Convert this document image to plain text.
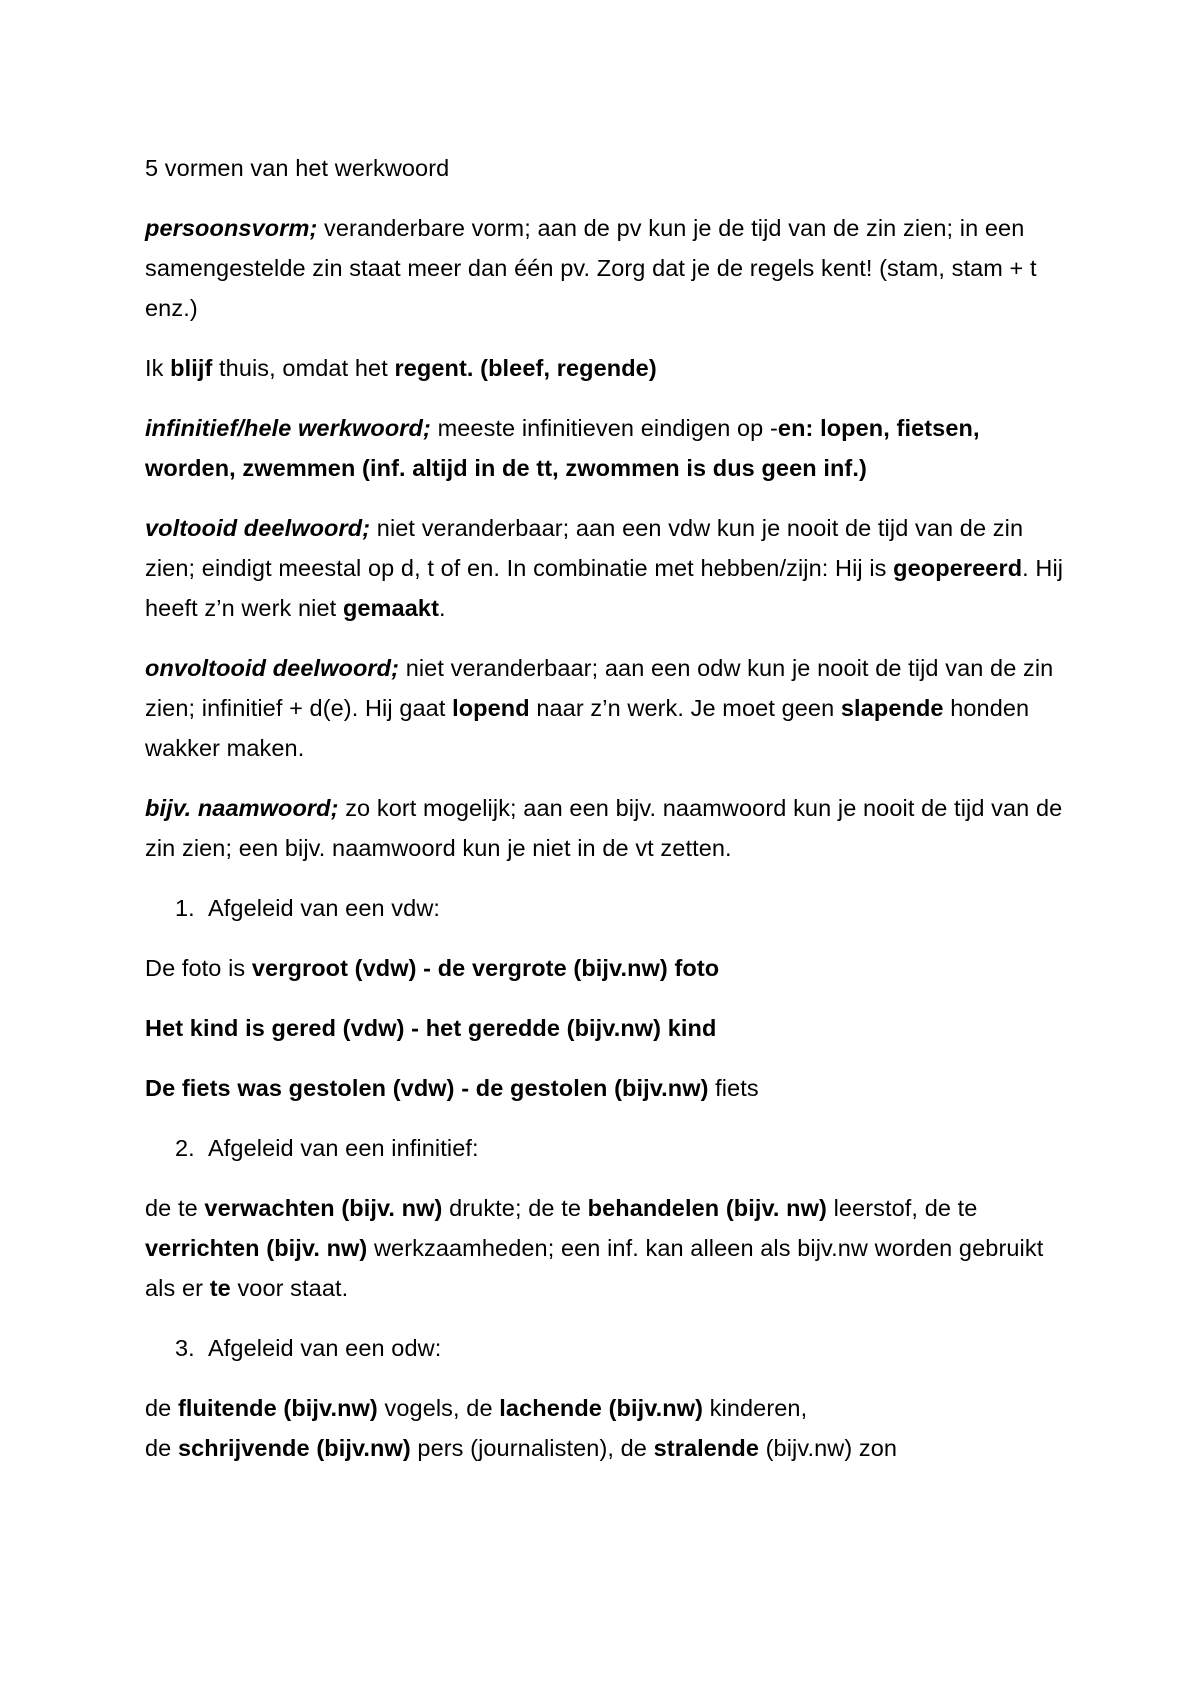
5 vormen van het werkwoord

persoonsvorm; veranderbare vorm; aan de pv kun je de tijd van de zin zien; in een samengestelde zin staat meer dan één pv. Zorg dat je de regels kent! (stam, stam + t enz.)

Ik blijf thuis, omdat het regent. (bleef, regende)

infinitief/hele werkwoord; meeste infinitieven eindigen op -en: lopen, fietsen, worden, zwemmen (inf. altijd in de tt, zwommen is dus geen inf.)

voltooid deelwoord; niet veranderbaar; aan een vdw kun je nooit de tijd van de zin zien; eindigt meestal op d, t of en. In combinatie met hebben/zijn: Hij is geopereerd. Hij heeft z’n werk niet gemaakt.

onvoltooid deelwoord; niet veranderbaar; aan een odw kun je nooit de tijd van de zin zien; infinitief + d(e). Hij gaat lopend naar z’n werk. Je moet geen slapende honden wakker maken.

bijv. naamwoord; zo kort mogelijk; aan een bijv. naamwoord kun je nooit de tijd van de zin zien; een bijv. naamwoord kun je niet in de vt zetten.

1. Afgeleid van een vdw:

De foto is vergroot (vdw) - de vergrote (bijv.nw) foto

Het kind is gered (vdw) - het geredde (bijv.nw) kind

De fiets was gestolen (vdw) - de gestolen (bijv.nw) fiets

2. Afgeleid van een infinitief:

de te verwachten (bijv. nw) drukte; de te behandelen (bijv. nw) leerstof, de te verrichten (bijv. nw) werkzaamheden; een inf. kan alleen als bijv.nw worden gebruikt als er te voor staat.

3. Afgeleid van een odw:

de fluitende (bijv.nw) vogels, de lachende (bijv.nw) kinderen,
de schrijvende (bijv.nw) pers (journalisten), de stralende (bijv.nw) zon
